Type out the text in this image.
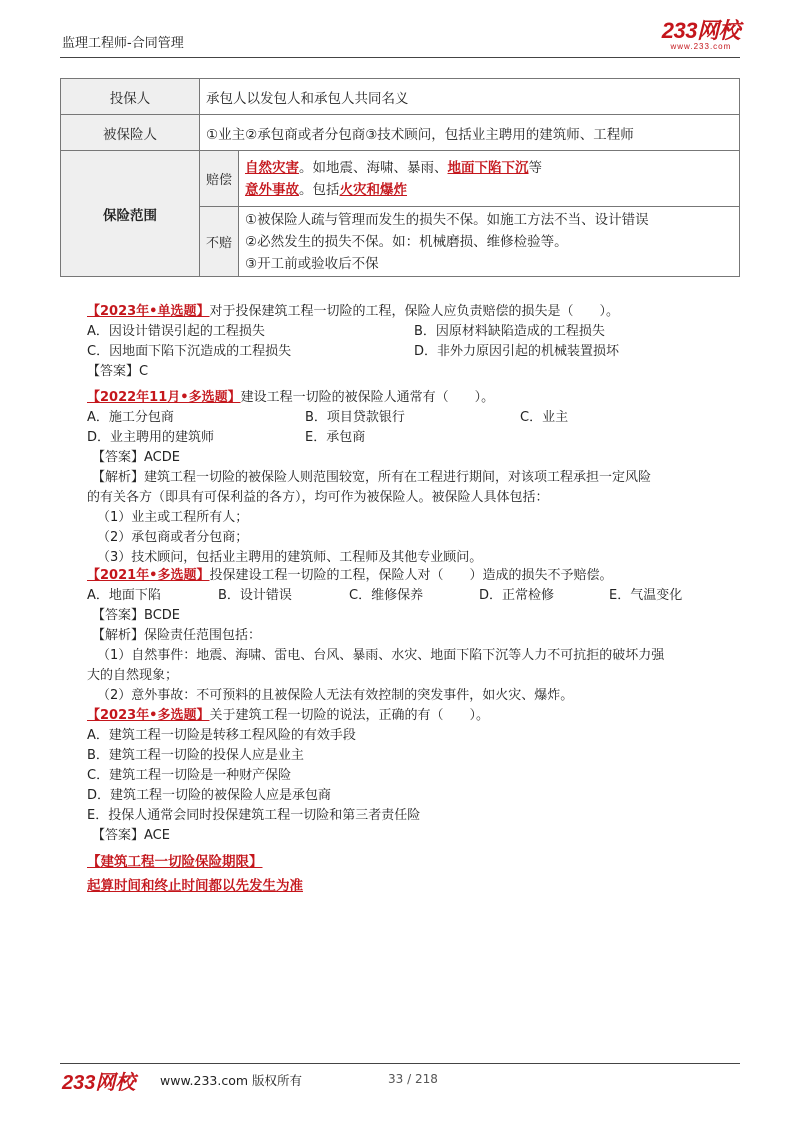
监理工程师-合同管理
233网校
www.233.com
投保人	承包人以发包人和承包人共同名义	
被保险人	①业主②承包商或者分包商③技术顾问，包括业主聘用的建筑师、工程师	
保险范围	赔偿	自然灾害。如地震、海啸、暴雨、地面下陷下沉等
意外事故。包括火灾和爆炸

	不赔	①被保险人疏与管理而发生的损失不保。如施工方法不当、设计错误
②必然发生的损失不保。如：机械磨损、维修检验等。
③开工前或验收后不保
【2023年•单选题】对于投保建筑工程一切险的工程，保险人应负责赔偿的损失是（　　）。
A．因设计错误引起的工程损失	B．因原材料缺陷造成的工程损失
C．因地面下陷下沉造成的工程损失	D．非外力原因引起的机械装置损坏
【答案】C
【2022年11月•多选题】建设工程一切险的被保险人通常有（　　）。
A．施工分包商	B．项目贷款银行	C．业主
D．业主聘用的建筑师	E．承包商
【答案】ACDE
【解析】建筑工程一切险的被保险人则范围较宽，所有在工程进行期间，对该项工程承担一定风险
的有关各方（即具有可保利益的各方），均可作为被保险人。被保险人具体包括：
（1）业主或工程所有人；
（2）承包商或者分包商；
（3）技术顾问，包括业主聘用的建筑师、工程师及其他专业顾问。
【2021年•多选题】投保建设工程一切险的工程，保险人对（　　）造成的损失不予赔偿。
A．地面下陷	B．设计错误	C．维修保养	D．正常检修	E．气温变化
【答案】BCDE
【解析】保险责任范围包括：
（1）自然事件：地震、海啸、雷电、台风、暴雨、水灾、地面下陷下沉等人力不可抗拒的破坏力强
大的自然现象；
（2）意外事故：不可预料的且被保险人无法有效控制的突发事件，如火灾、爆炸。
【2023年•多选题】关于建筑工程一切险的说法，正确的有（　　）。
A．建筑工程一切险是转移工程风险的有效手段
B．建筑工程一切险的投保人应是业主
C．建筑工程一切险是一种财产保险
D．建筑工程一切险的被保险人应是承包商
E．投保人通常会同时投保建筑工程一切险和第三者责任险
【答案】ACE
【建筑工程一切险保险期限】
起算时间和终止时间都以先发生为准
233网校 www.233.com 版权所有	33 / 218
